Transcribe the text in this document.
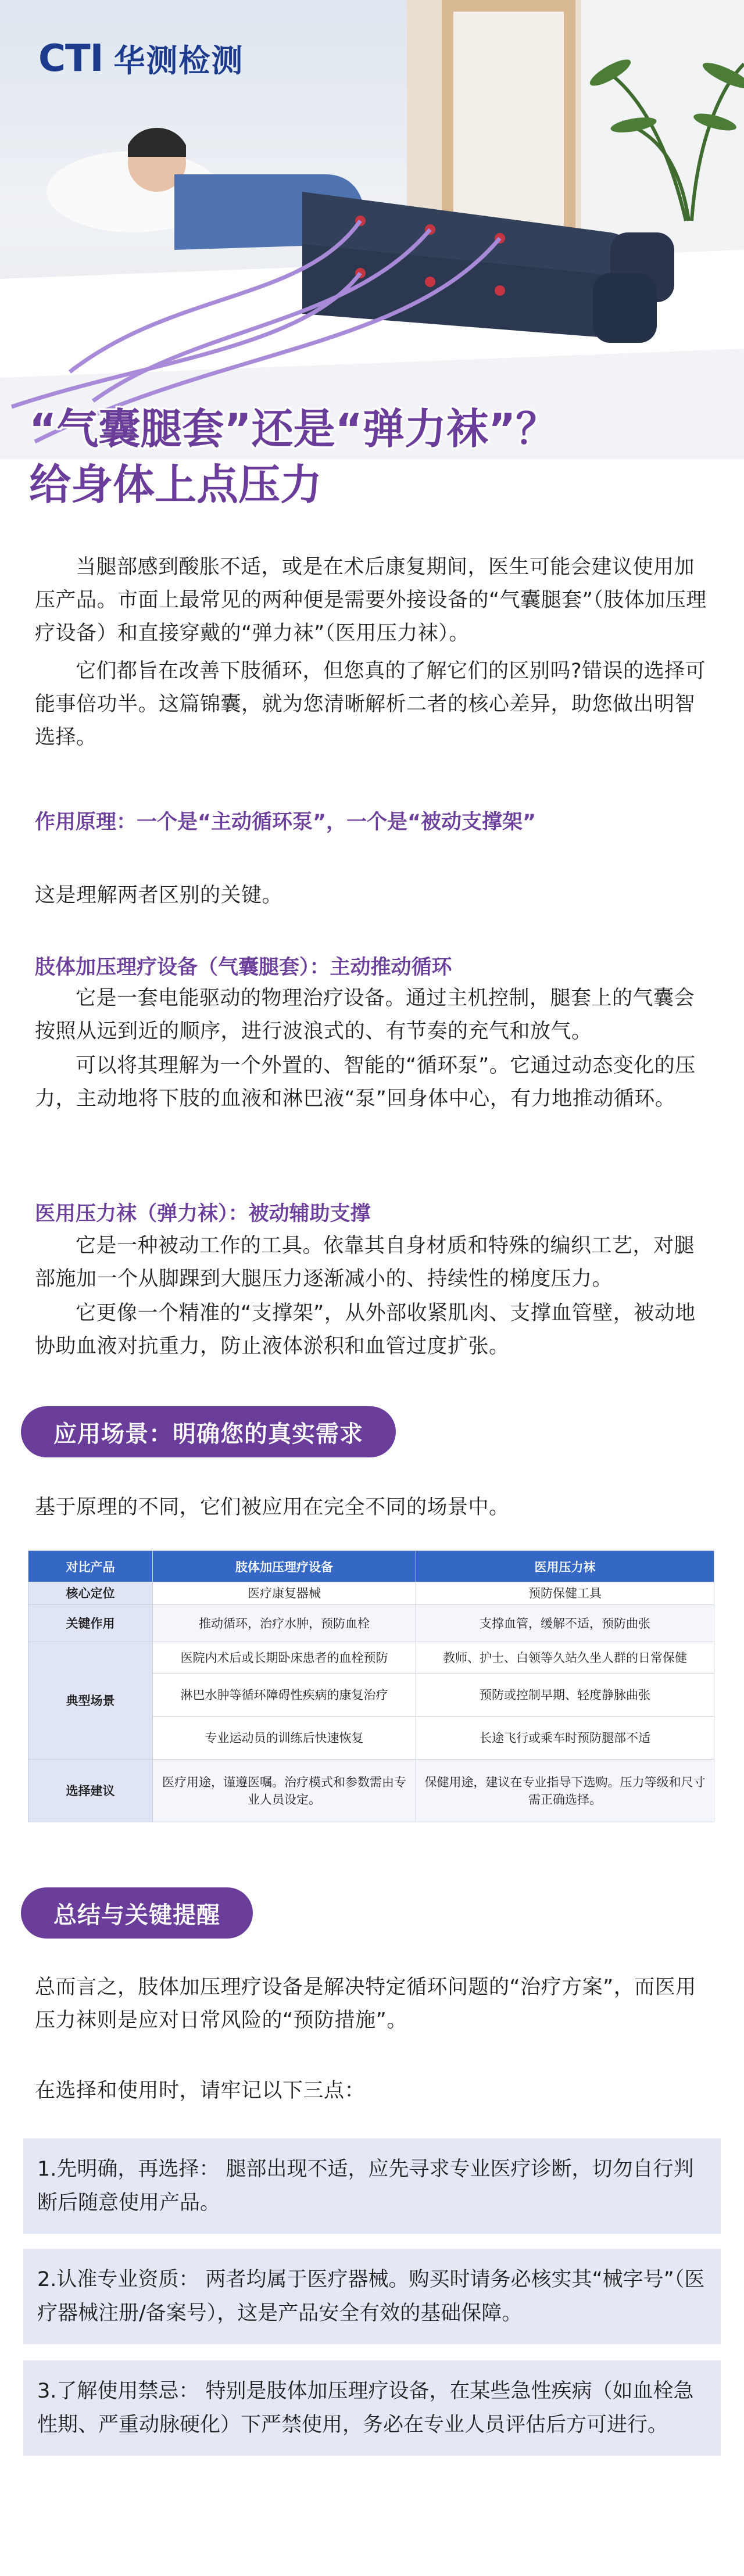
CTI 华测检测
“气囊腿套”还是“弹力袜”？
给身体上点压力

当腿部感到酸胀不适，或是在术后康复期间，医生可能会建议使用加压产品。市面上最常见的两种便是需要外接设备的“气囊腿套”（肢体加压理疗设备）和直接穿戴的“弹力袜”（医用压力袜）。

它们都旨在改善下肢循环，但您真的了解它们的区别吗?错误的选择可能事倍功半。这篇锦囊，就为您清晰解析二者的核心差异，助您做出明智选择。

作用原理：一个是“主动循环泵”，一个是“被动支撑架”

这是理解两者区别的关键。

肢体加压理疗设备（气囊腿套）：主动推动循环

它是一套电能驱动的物理治疗设备。通过主机控制，腿套上的气囊会按照从远到近的顺序，进行波浪式的、有节奏的充气和放气。

可以将其理解为一个外置的、智能的“循环泵”。它通过动态变化的压力，主动地将下肢的血液和淋巴液“泵”回身体中心，有力地推动循环。

医用压力袜（弹力袜）：被动辅助支撑

它是一种被动工作的工具。依靠其自身材质和特殊的编织工艺，对腿部施加一个从脚踝到大腿压力逐渐减小的、持续性的梯度压力。

它更像一个精准的“支撑架”，从外部收紧肌肉、支撑血管壁，被动地协助血液对抗重力，防止液体淤积和血管过度扩张。

应用场景：明确您的真实需求

基于原理的不同，它们被应用在完全不同的场景中。

对比产品	肢体加压理疗设备	医用压力袜
核心定位	医疗康复器械	预防保健工具
关键作用	推动循环，治疗水肿，预防血栓	支撑血管，缓解不适，预防曲张
典型场景	医院内术后或长期卧床患者的血栓预防	教师、护士、白领等久站久坐人群的日常保健
	淋巴水肿等循环障碍性疾病的康复治疗	预防或控制早期、轻度静脉曲张
	专业运动员的训练后快速恢复	长途飞行或乘车时预防腿部不适
选择建议	医疗用途，谨遵医嘱。治疗模式和参数需由专业人员设定。	保健用途，建议在专业指导下选购。压力等级和尺寸需正确选择。
总结与关键提醒

总而言之，肢体加压理疗设备是解决特定循环问题的“治疗方案”，而医用压力袜则是应对日常风险的“预防措施”。

在选择和使用时，请牢记以下三点：

1.先明确，再选择： 腿部出现不适，应先寻求专业医疗诊断，切勿自行判断后随意使用产品。
2.认准专业资质： 两者均属于医疗器械。购买时请务必核实其“械字号”（医疗器械注册/备案号），这是产品安全有效的基础保障。
3.了解使用禁忌： 特别是肢体加压理疗设备，在某些急性疾病（如血栓急性期、严重动脉硬化）下严禁使用，务必在专业人员评估后方可进行。
